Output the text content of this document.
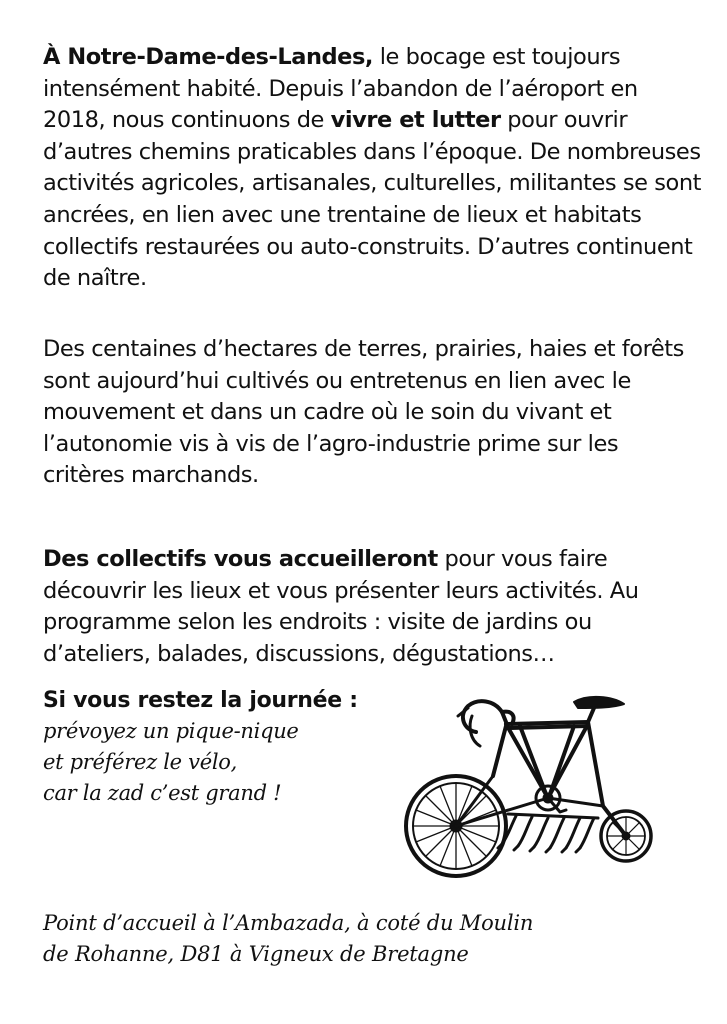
À Notre-Dame-des-Landes, le bocage est toujours intensément habité. Depuis l’abandon de l’aéroport en 2018, nous continuons de vivre et lutter pour ouvrir d’autres chemins praticables dans l’époque. De nombreuses activités agricoles, artisanales, culturelles, militantes se sont ancrées, en lien avec une trentaine de lieux et habitats collectifs restaurées ou auto-construits. D’autres continuent de naître.

Des centaines d’hectares de terres, prairies, haies et forêts sont aujourd’hui cultivés ou entretenus en lien avec le mouvement et dans un cadre où le soin du vivant et l’autonomie vis à vis de l’agro-industrie prime sur les critères marchands.

Des collectifs vous accueilleront pour vous faire découvrir les lieux et vous présenter leurs activités. Au programme selon les endroits : visite de jardins ou d’ateliers, balades, discussions, dégustations…

Si vous restez la journée :
prévoyez un pique-nique
et préférez le vélo,
car la zad c’est grand !
Point d’accueil à l’Ambazada, à coté du Moulin
de Rohanne, D81 à Vigneux de Bretagne
